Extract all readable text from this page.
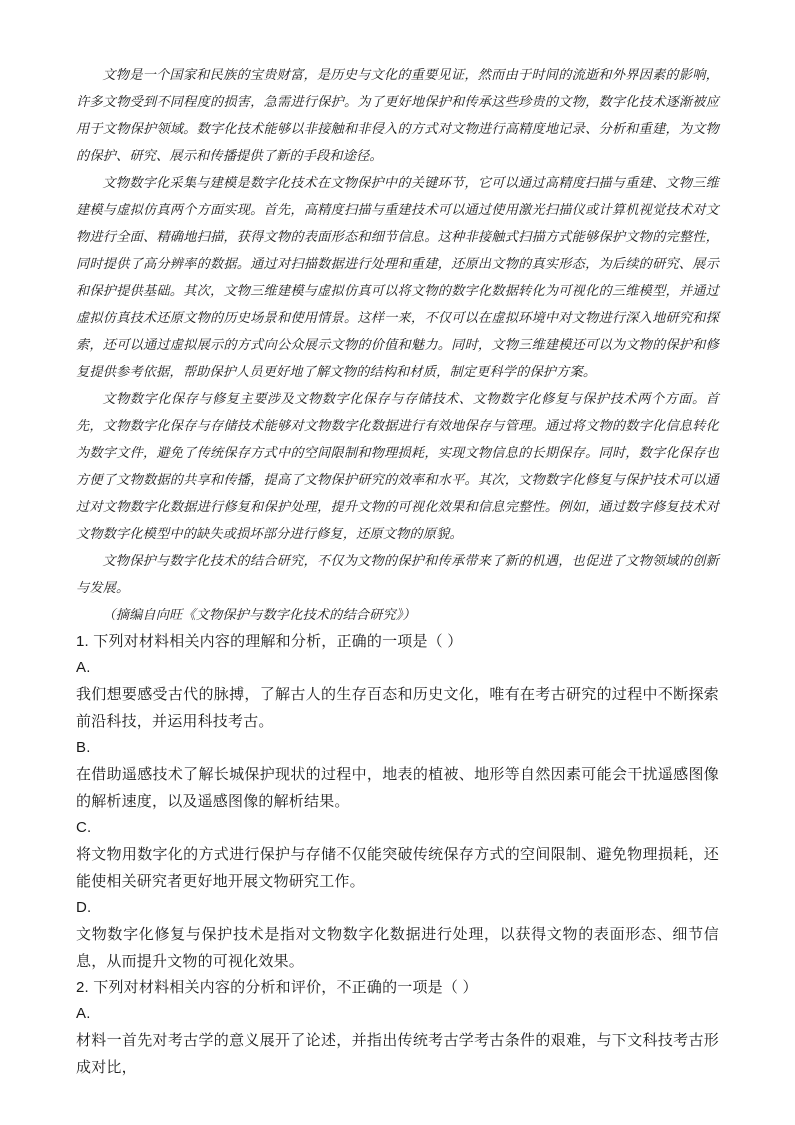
文物是一个国家和民族的宝贵财富，是历史与文化的重要见证，然而由于时间的流逝和外界因素的影响，许多文物受到不同程度的损害，急需进行保护。为了更好地保护和传承这些珍贵的文物，数字化技术逐渐被应用于文物保护领域。数字化技术能够以非接触和非侵入的方式对文物进行高精度地记录、分析和重建，为文物的保护、研究、展示和传播提供了新的手段和途径。

文物数字化采集与建模是数字化技术在文物保护中的关键环节，它可以通过高精度扫描与重建、文物三维建模与虚拟仿真两个方面实现。首先，高精度扫描与重建技术可以通过使用激光扫描仪或计算机视觉技术对文物进行全面、精确地扫描，获得文物的表面形态和细节信息。这种非接触式扫描方式能够保护文物的完整性，同时提供了高分辨率的数据。通过对扫描数据进行处理和重建，还原出文物的真实形态，为后续的研究、展示和保护提供基础。其次，文物三维建模与虚拟仿真可以将文物的数字化数据转化为可视化的三维模型，并通过虚拟仿真技术还原文物的历史场景和使用情景。这样一来，不仅可以在虚拟环境中对文物进行深入地研究和探索，还可以通过虚拟展示的方式向公众展示文物的价值和魅力。同时，文物三维建模还可以为文物的保护和修复提供参考依据，帮助保护人员更好地了解文物的结构和材质，制定更科学的保护方案。

文物数字化保存与修复主要涉及文物数字化保存与存储技术、文物数字化修复与保护技术两个方面。首先，文物数字化保存与存储技术能够对文物数字化数据进行有效地保存与管理。通过将文物的数字化信息转化为数字文件，避免了传统保存方式中的空间限制和物理损耗，实现文物信息的长期保存。同时，数字化保存也方便了文物数据的共享和传播，提高了文物保护研究的效率和水平。其次，文物数字化修复与保护技术可以通过对文物数字化数据进行修复和保护处理，提升文物的可视化效果和信息完整性。例如，通过数字修复技术对文物数字化模型中的缺失或损坏部分进行修复，还原文物的原貌。

文物保护与数字化技术的结合研究，不仅为文物的保护和传承带来了新的机遇，也促进了文物领域的创新与发展。

（摘编自向旺《文物保护与数字化技术的结合研究》）

1. 下列对材料相关内容的理解和分析，正确的一项是（ ）

A.

我们想要感受古代的脉搏，了解古人的生存百态和历史文化，唯有在考古研究的过程中不断探索前沿科技，并运用科技考古。

B.

在借助遥感技术了解长城保护现状的过程中，地表的植被、地形等自然因素可能会干扰遥感图像的解析速度，以及遥感图像的解析结果。

C.

将文物用数字化的方式进行保护与存储不仅能突破传统保存方式的空间限制、避免物理损耗，还能使相关研究者更好地开展文物研究工作。

D.

文物数字化修复与保护技术是指对文物数字化数据进行处理，以获得文物的表面形态、细节信息，从而提升文物的可视化效果。

2. 下列对材料相关内容的分析和评价，不正确的一项是（ ）

A.

材料一首先对考古学的意义展开了论述，并指出传统考古学考古条件的艰难，与下文科技考古形成对比，
